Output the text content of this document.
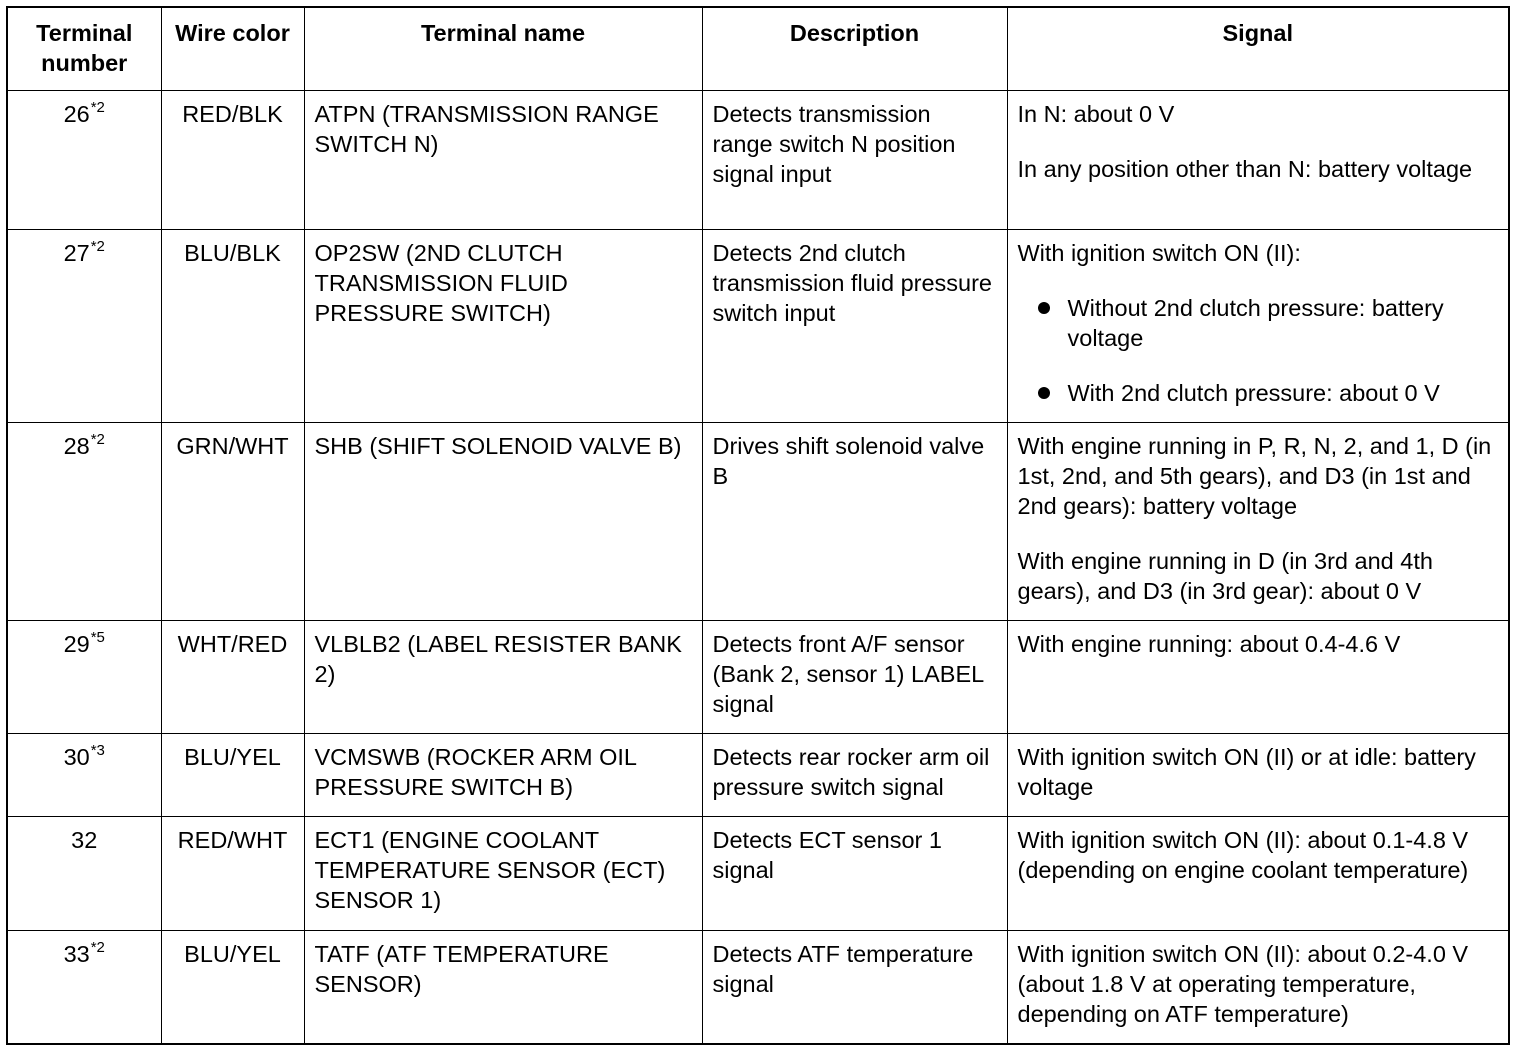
Terminal number	Wire color	Terminal name	Description	Signal
26$^{*2}$	RED/BLK	ATPN (TRANSMISSION RANGE SWITCH N)	Detects transmission range switch N position signal input	In N: about 0 V
In any position other than N: battery voltage

27$^{*2}$	BLU/BLK	OP2SW (2ND CLUTCH TRANSMISSION FLUID PRESSURE SWITCH)	Detects 2nd clutch transmission fluid pressure switch input	With ignition switch ON (II):
Without 2nd clutch pressure: battery voltage
With 2nd clutch pressure: about 0 V

28$^{*2}$	GRN/WHT	SHB (SHIFT SOLENOID VALVE B)	Drives shift solenoid valve B	With engine running in P, R, N, 2, and 1, D (in 1st, 2nd, and 5th gears), and D3 (in 1st and 2nd gears): battery voltage
With engine running in D (in 3rd and 4th gears), and D3 (in 3rd gear): about 0 V

29$^{*5}$	WHT/RED	VLBLB2 (LABEL RESISTER BANK 2)	Detects front A/F sensor (Bank 2, sensor 1) LABEL signal	With engine running: about 0.4-4.6 V

30$^{*3}$	BLU/YEL	VCMSWB (ROCKER ARM OIL PRESSURE SWITCH B)	Detects rear rocker arm oil pressure switch signal	With ignition switch ON (II) or at idle: battery voltage

32	RED/WHT	ECT1 (ENGINE COOLANT TEMPERATURE SENSOR (ECT) SENSOR 1)	Detects ECT sensor 1 signal	With ignition switch ON (II): about 0.1-4.8 V (depending on engine coolant temperature)

33$^{*2}$	BLU/YEL	TATF (ATF TEMPERATURE SENSOR)	Detects ATF temperature signal	With ignition switch ON (II): about 0.2-4.0 V (about 1.8 V at operating temperature, depending on ATF temperature)
